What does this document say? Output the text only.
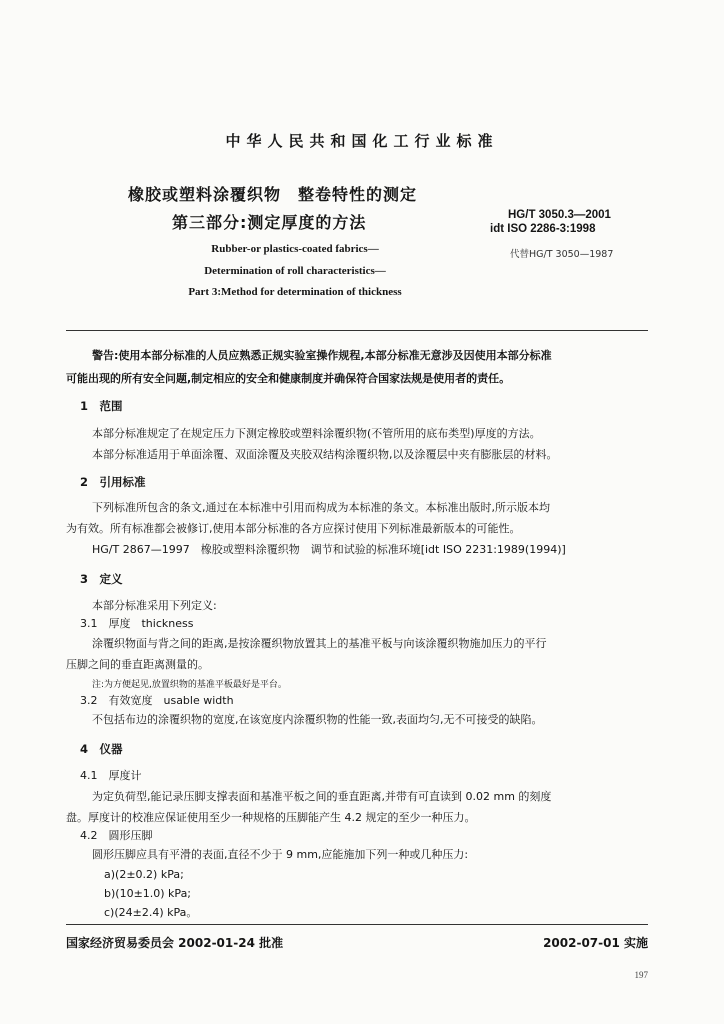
中华人民共和国化工行业标准
橡胶或塑料涂覆织物　整卷特性的测定
第三部分:测定厚度的方法	HG/T 3050.3—2001
idt ISO 2286-3:1998
代替HG/T 3050—1987
Rubber-or plastics-coated fabrics—
Determination of roll characteristics—
Part 3:Method for determination of thickness
警告:使用本部分标准的人员应熟悉正规实验室操作规程,本部分标准无意涉及因使用本部分标准
可能出现的所有安全问题,制定相应的安全和健康制度并确保符合国家法规是使用者的责任。
1　范围
本部分标准规定了在规定压力下测定橡胶或塑料涂覆织物(不管所用的底布类型)厚度的方法。
本部分标准适用于单面涂覆、双面涂覆及夹胶双结构涂覆织物,以及涂覆层中夹有膨胀层的材料。
2　引用标准
下列标准所包含的条文,通过在本标准中引用而构成为本标准的条文。本标准出版时,所示版本均
为有效。所有标准都会被修订,使用本部分标准的各方应探讨使用下列标准最新版本的可能性。
HG/T 2867—1997　橡胶或塑料涂覆织物　调节和试验的标准环境[idt ISO 2231:1989(1994)]
3　定义
本部分标准采用下列定义:
3.1　厚度　thickness
涂覆织物面与背之间的距离,是按涂覆织物放置其上的基准平板与向该涂覆织物施加压力的平行
压脚之间的垂直距离测量的。
注:为方便起见,放置织物的基准平板最好是平台。
3.2　有效宽度　usable width
不包括布边的涂覆织物的宽度,在该宽度内涂覆织物的性能一致,表面均匀,无不可接受的缺陷。
4　仪器
4.1　厚度计
为定负荷型,能记录压脚支撑表面和基准平板之间的垂直距离,并带有可直读到 0.02 mm 的刻度
盘。厚度计的校准应保证使用至少一种规格的压脚能产生 4.2 规定的至少一种压力。
4.2　圆形压脚
圆形压脚应具有平滑的表面,直径不少于 9 mm,应能施加下列一种或几种压力:
a)(2±0.2) kPa;
b)(10±1.0) kPa;
c)(24±2.4) kPa。
国家经济贸易委员会 2002-01-24 批准	2002-07-01 实施
197
